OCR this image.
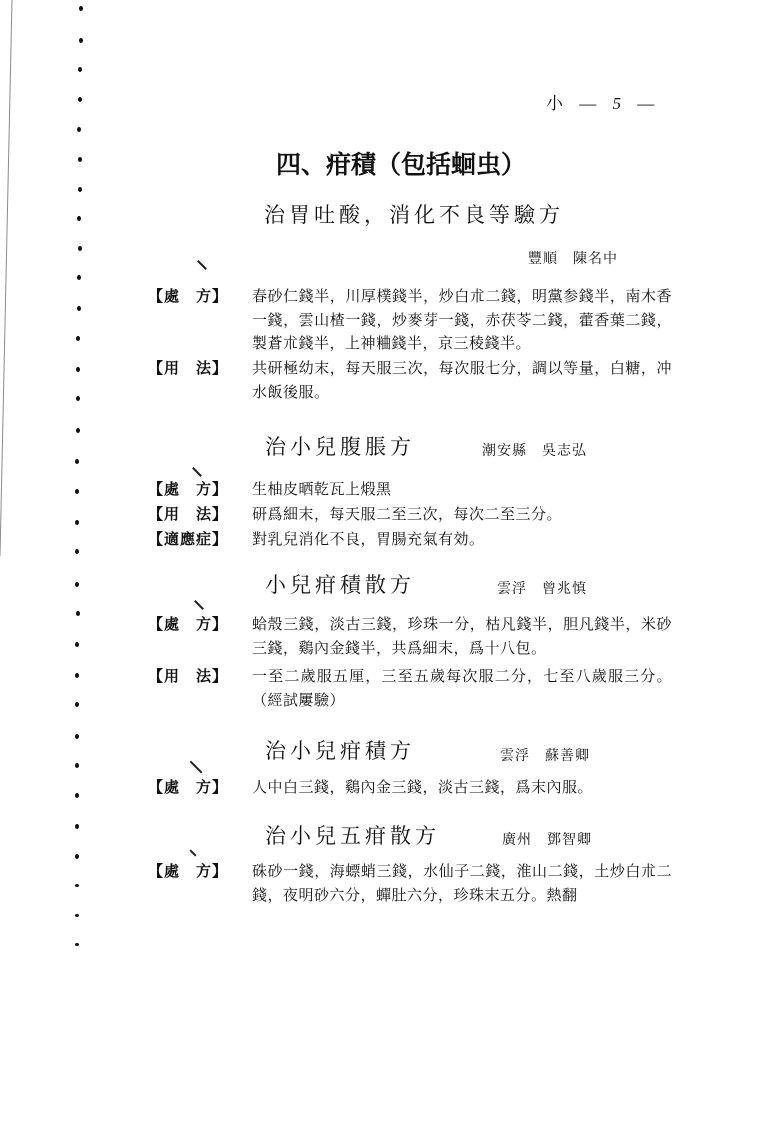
小 — 5 —
四、疳積（包括蛔虫）
治胃吐酸，消化不良等驗方
豐順　陳名中
【處　方】 春砂仁錢半，川厚樸錢半，炒白朮二錢，明黨参錢半，南木香一錢，雲山楂一錢，炒麥芽一錢，赤茯苓二錢，藿香葉二錢，製蒼朮錢半，上神粬錢半，京三稜錢半。
【用　法】 共研極幼末，每天服三次，每次服七分，調以等量，白糖，冲水飯後服。
治小兒腹脹方	潮安縣　吳志弘
【處　方】 生柚皮晒乾瓦上煅黑
【用　法】 研爲細末，每天服二至三次，每次二至三分。
【適應症】 對乳兒消化不良，胃腸充氣有効。
小兒疳積散方	雲浮　曾兆慎
【處　方】 蛤殼三錢，淡古三錢，珍珠一分，枯凡錢半，胆凡錢半，米砂三錢，鷄內金錢半，共爲細末，爲十八包。
【用　法】 一至二歲服五厘，三至五歲每次服二分，七至八歲服三分。（經試屢驗）
治小兒疳積方	雲浮　蘇善卿
【處　方】 人中白三錢，鷄內金三錢，淡古三錢，爲末內服。
治小兒五疳散方	廣州　鄧智卿
【處　方】 硃砂一錢，海螵蛸三錢，水仙子二錢，淮山二錢，土炒白朮二錢，夜明砂六分，蟬肚六分，珍珠末五分。熱翻
